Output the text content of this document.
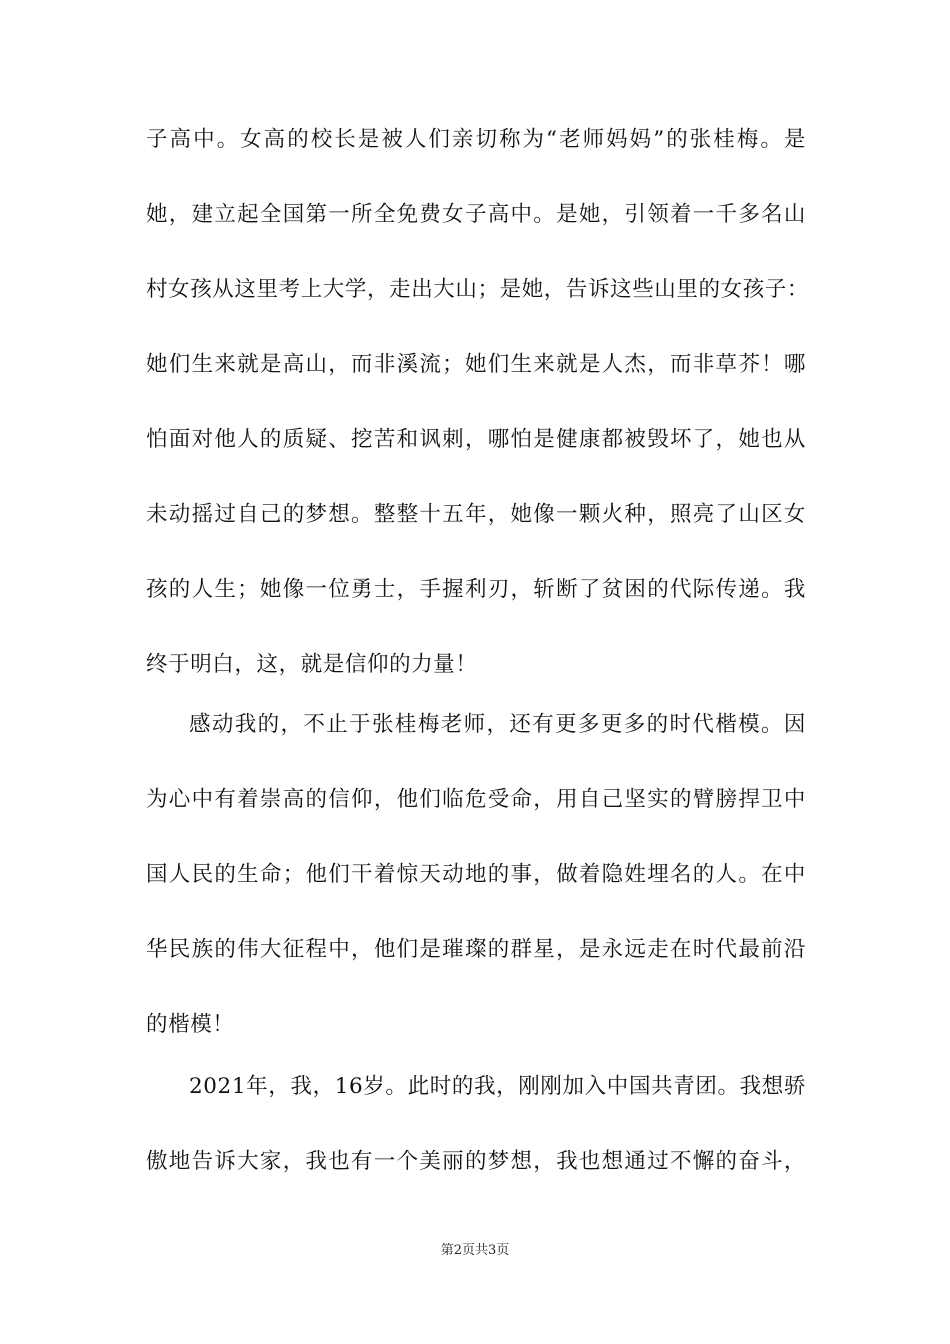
子高中。女高的校长是被人们亲切称为“老师妈妈”的张桂梅。是
她，建立起全国第一所全免费女子高中。是她，引领着一千多名山
村女孩从这里考上大学，走出大山；是她，告诉这些山里的女孩子：
她们生来就是高山，而非溪流；她们生来就是人杰，而非草芥！哪
怕面对他人的质疑、挖苦和讽刺，哪怕是健康都被毁坏了，她也从
未动摇过自己的梦想。整整十五年，她像一颗火种，照亮了山区女
孩的人生；她像一位勇士，手握利刃，斩断了贫困的代际传递。我
终于明白，这，就是信仰的力量！
感动我的，不止于张桂梅老师，还有更多更多的时代楷模。因
为心中有着崇高的信仰，他们临危受命，用自己坚实的臂膀捍卫中
国人民的生命；他们干着惊天动地的事，做着隐姓埋名的人。在中
华民族的伟大征程中，他们是璀璨的群星，是永远走在时代最前沿
的楷模！
2021年，我，16岁。此时的我，刚刚加入中国共青团。我想骄
傲地告诉大家，我也有一个美丽的梦想，我也想通过不懈的奋斗，
第2页共3页
